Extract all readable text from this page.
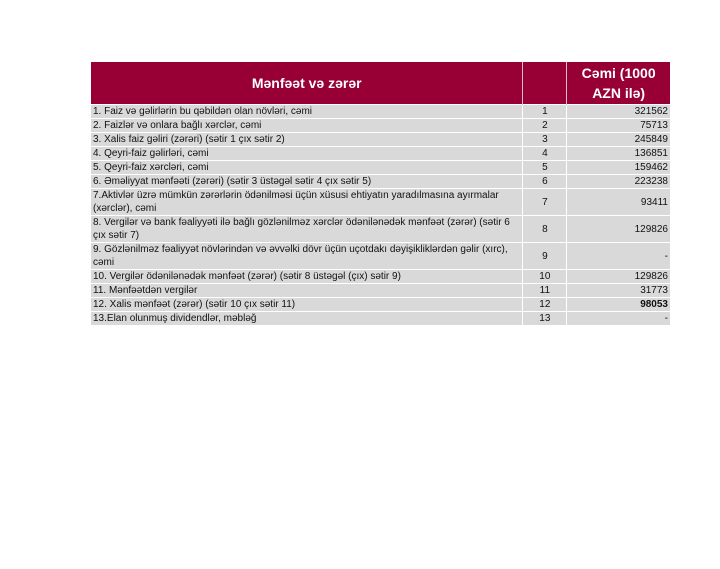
Mənfəət və zərər		Cəmi (1000 AZN ilə)
1. Faiz və gəlirlərin bu qəbildən olan növləri, cəmi	1	321562
2. Faizlər və onlara bağlı xərclər, cəmi	2	75713
3. Xalis faiz gəliri (zərəri) (sətir 1 çıx sətir 2)	3	245849
4. Qeyri-faiz gəlirləri, cəmi	4	136851
5. Qeyri-faiz xərcləri, cəmi	5	159462
6. Əməliyyat mənfəəti (zərəri) (sətir 3 üstəgəl sətir 4 çıx sətir 5)	6	223238
7.Aktivlər üzrə mümkün zərərlərin ödənilməsi üçün xüsusi ehtiyatın yaradılmasına ayırmalar (xərclər), cəmi	7	93411
8. Vergilər və bank fəaliyyəti ilə bağlı gözlənilməz xərclər ödənilənədək mənfəət (zərər) (sətir 6 çıx sətir 7)	8	129826
9. Gözlənilməz fəaliyyət növlərindən və əvvəlki dövr üçün uçotdakı dəyişikliklərdən gəlir (xırc), cəmi	9	-
10. Vergilər ödənilənədək mənfəət (zərər) (sətir 8 üstəgəl (çıx) sətir 9)	10	129826
11. Mənfəətdən vergilər	11	31773
12. Xalis mənfəət (zərər) (sətir 10 çıx sətir 11)	12	98053
13.Elan olunmuş dividendlər, məbləğ	13	-
